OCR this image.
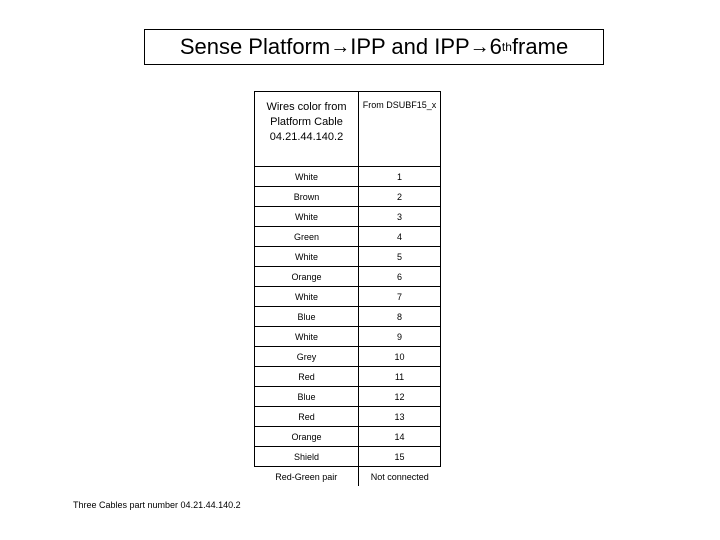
Sense Platform → IPP and IPP → 6 th frame
Wires color from Platform Cable 04.21.44.140.2	From DSUBF15_x
White	1
Brown	2
White	3
Green	4
White	5
Orange	6
White	7
Blue	8
White	9
Grey	10
Red	11
Blue	12
Red	13
Orange	14
Shield	15
Red-Green pair	Not connected
Three Cables part number 04.21.44.140.2
